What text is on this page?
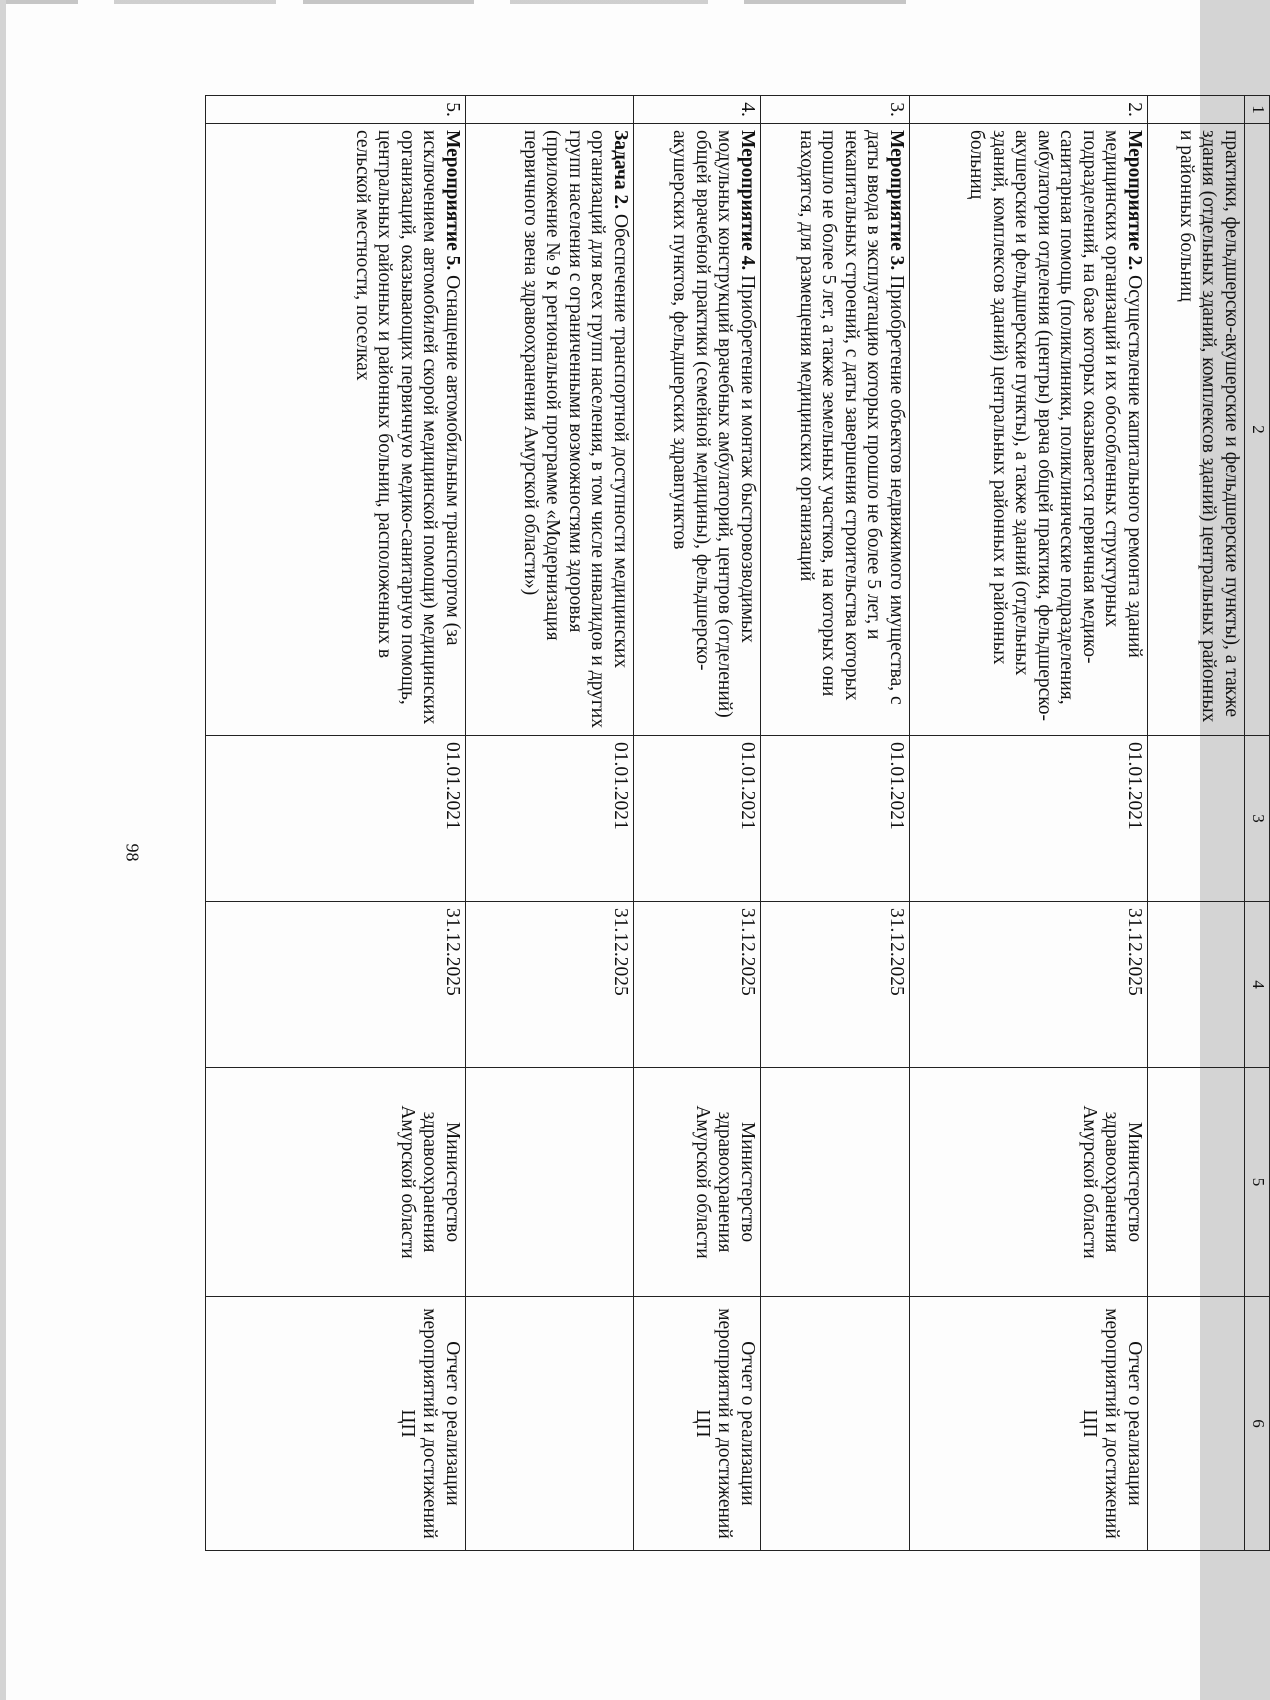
98
1	2	3	4	5	6
	практики, фельдшерско-акушерские и фельдшерские пункты), а также здания (отдельных зданий, комплексов зданий) центральных районных и районных больниц				
2.	Мероприятие 2. Осуществление капитального ремонта зданий медицинских организаций и их обособленных структурных подразделений, на базе которых оказывается первичная медико-санитарная помощь (поликлиники, поликлинические подразделения, амбулатории отделения (центры) врача общей практики, фельдшерско-акушерские и фельдшерские пункты), а также зданий (отдельных зданий, комплексов зданий) центральных районных и районных больниц	01.01.2021	31.12.2025	Министерство здравоохранения Амурской области	Отчет о реализации мероприятий и достижений ЦП
3.	Мероприятие 3. Приобретение объектов недвижимого имущества, с даты ввода в эксплуатацию которых прошло не более 5 лет, и некапитальных строений, с даты завершения строительства которых прошло не более 5 лет, а также земельных участков, на которых они находятся, для размещения медицинских организаций	01.01.2021	31.12.2025		
4.	Мероприятие 4. Приобретение и монтаж быстровозводимых модульных конструкций врачебных амбулаторий, центров (отделений) общей врачебной практики (семейной медицины), фельдшерско-акушерских пунктов, фельдшерских здравпунктов	01.01.2021	31.12.2025	Министерство здравоохранения Амурской области	Отчет о реализации мероприятий и достижений ЦП
	Задача 2. Обеспечение транспортной доступности медицинских организаций для всех групп населения, в том числе инвалидов и других групп населения с ограниченными возможностями здоровья (приложение № 9 к региональной программе «Модернизация первичного звена здравоохранения Амурской области»)	01.01.2021	31.12.2025		
5.	Мероприятие 5. Оснащение автомобильным транспортом (за исключением автомобилей скорой медицинской помощи) медицинских организаций, оказывающих первичную медико-санитарную помощь, центральных районных и районных больниц, расположенных в сельской местности, поселках	01.01.2021	31.12.2025	Министерство здравоохранения Амурской области	Отчет о реализации мероприятий и достижений ЦП
